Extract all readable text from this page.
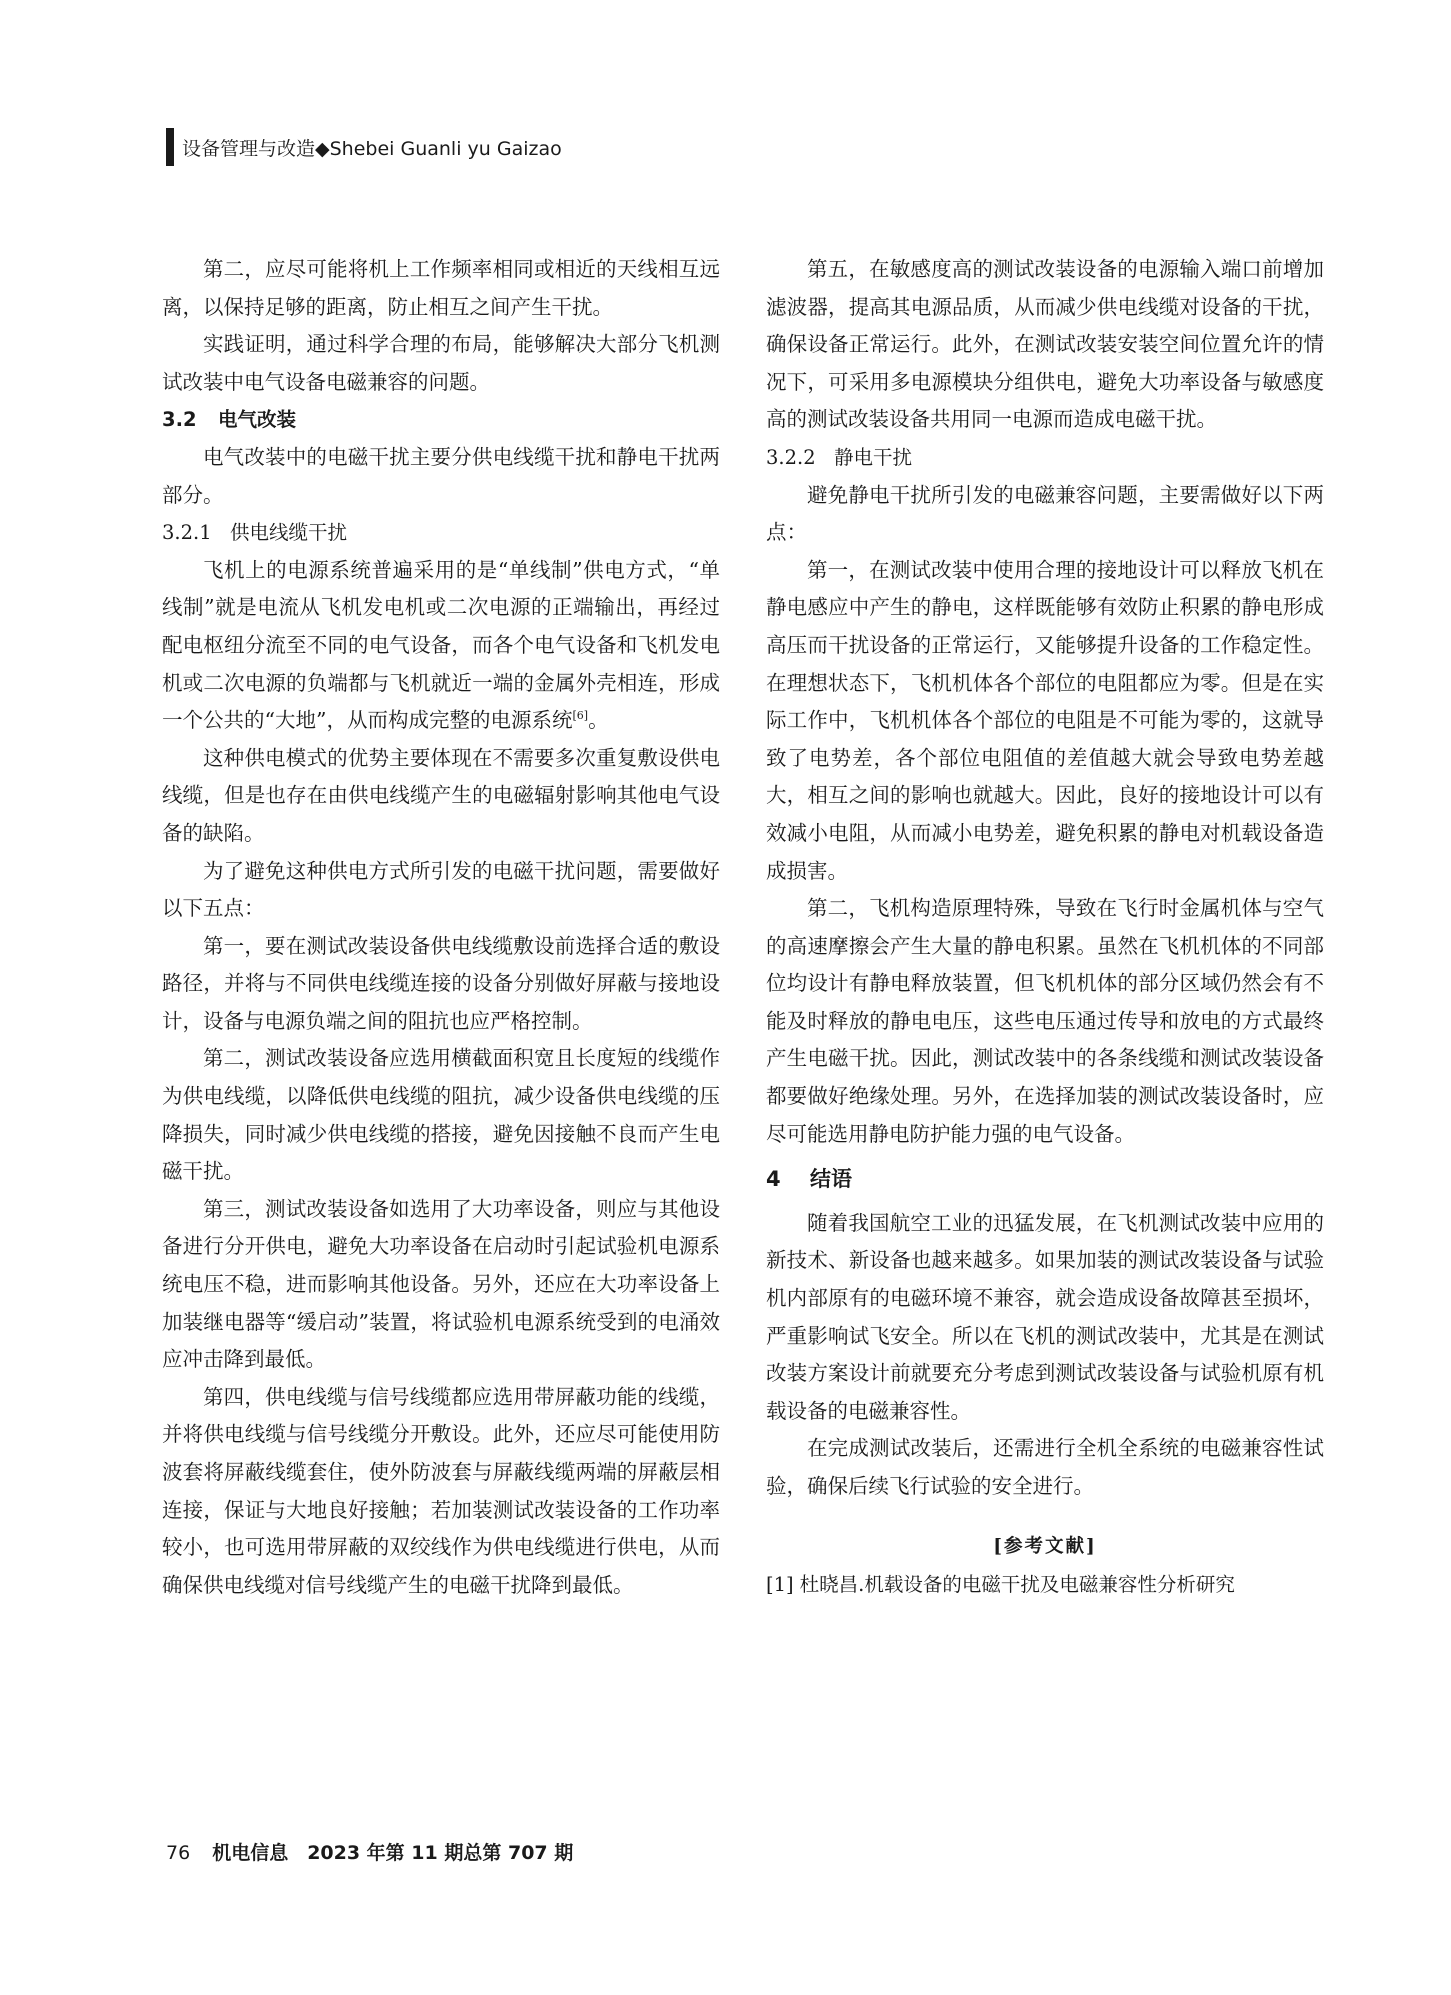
设备管理与改造◆Shebei Guanli yu Gaizao

第二，应尽可能将机上工作频率相同或相近的天线相互远离，以保持足够的距离，防止相互之间产生干扰。

实践证明，通过科学合理的布局，能够解决大部分飞机测试改装中电气设备电磁兼容的问题。

3.2 电气改装

电气改装中的电磁干扰主要分供电线缆干扰和静电干扰两部分。

3.2.1 供电线缆干扰

飞机上的电源系统普遍采用的是“单线制”供电方式，“单线制”就是电流从飞机发电机或二次电源的正端输出，再经过配电枢纽分流至不同的电气设备，而各个电气设备和飞机发电机或二次电源的负端都与飞机就近一端的金属外壳相连，形成一个公共的“大地”，从而构成完整的电源系统[6]。

这种供电模式的优势主要体现在不需要多次重复敷设供电线缆，但是也存在由供电线缆产生的电磁辐射影响其他电气设备的缺陷。

为了避免这种供电方式所引发的电磁干扰问题，需要做好以下五点：

第一，要在测试改装设备供电线缆敷设前选择合适的敷设路径，并将与不同供电线缆连接的设备分别做好屏蔽与接地设计，设备与电源负端之间的阻抗也应严格控制。

第二，测试改装设备应选用横截面积宽且长度短的线缆作为供电线缆，以降低供电线缆的阻抗，减少设备供电线缆的压降损失，同时减少供电线缆的搭接，避免因接触不良而产生电磁干扰。

第三，测试改装设备如选用了大功率设备，则应与其他设备进行分开供电，避免大功率设备在启动时引起试验机电源系统电压不稳，进而影响其他设备。另外，还应在大功率设备上加装继电器等“缓启动”装置，将试验机电源系统受到的电涌效应冲击降到最低。

第四，供电线缆与信号线缆都应选用带屏蔽功能的线缆，并将供电线缆与信号线缆分开敷设。此外，还应尽可能使用防波套将屏蔽线缆套住，使外防波套与屏蔽线缆两端的屏蔽层相连接，保证与大地良好接触；若加装测试改装设备的工作功率较小，也可选用带屏蔽的双绞线作为供电线缆进行供电，从而确保供电线缆对信号线缆产生的电磁干扰降到最低。

第五，在敏感度高的测试改装设备的电源输入端口前增加滤波器，提高其电源品质，从而减少供电线缆对设备的干扰，确保设备正常运行。此外，在测试改装安装空间位置允许的情况下，可采用多电源模块分组供电，避免大功率设备与敏感度高的测试改装设备共用同一电源而造成电磁干扰。

3.2.2 静电干扰

避免静电干扰所引发的电磁兼容问题，主要需做好以下两点：

第一，在测试改装中使用合理的接地设计可以释放飞机在静电感应中产生的静电，这样既能够有效防止积累的静电形成高压而干扰设备的正常运行，又能够提升设备的工作稳定性。在理想状态下，飞机机体各个部位的电阻都应为零。但是在实际工作中，飞机机体各个部位的电阻是不可能为零的，这就导致了电势差，各个部位电阻值的差值越大就会导致电势差越大，相互之间的影响也就越大。因此，良好的接地设计可以有效减小电阻，从而减小电势差，避免积累的静电对机载设备造成损害。

第二，飞机构造原理特殊，导致在飞行时金属机体与空气的高速摩擦会产生大量的静电积累。虽然在飞机机体的不同部位均设计有静电释放装置，但飞机机体的部分区域仍然会有不能及时释放的静电电压，这些电压通过传导和放电的方式最终产生电磁干扰。因此，测试改装中的各条线缆和测试改装设备都要做好绝缘处理。另外，在选择加装的测试改装设备时，应尽可能选用静电防护能力强的电气设备。

4 结语

随着我国航空工业的迅猛发展，在飞机测试改装中应用的新技术、新设备也越来越多。如果加装的测试改装设备与试验机内部原有的电磁环境不兼容，就会造成设备故障甚至损坏，严重影响试飞安全。所以在飞机的测试改装中，尤其是在测试改装方案设计前就要充分考虑到测试改装设备与试验机原有机载设备的电磁兼容性。

在完成测试改装后，还需进行全机全系统的电磁兼容性试验，确保后续飞行试验的安全进行。

[参考文献]
[1] 杜晓昌.机载设备的电磁干扰及电磁兼容性分析研究
76 机电信息　2023 年第 11 期总第 707 期
